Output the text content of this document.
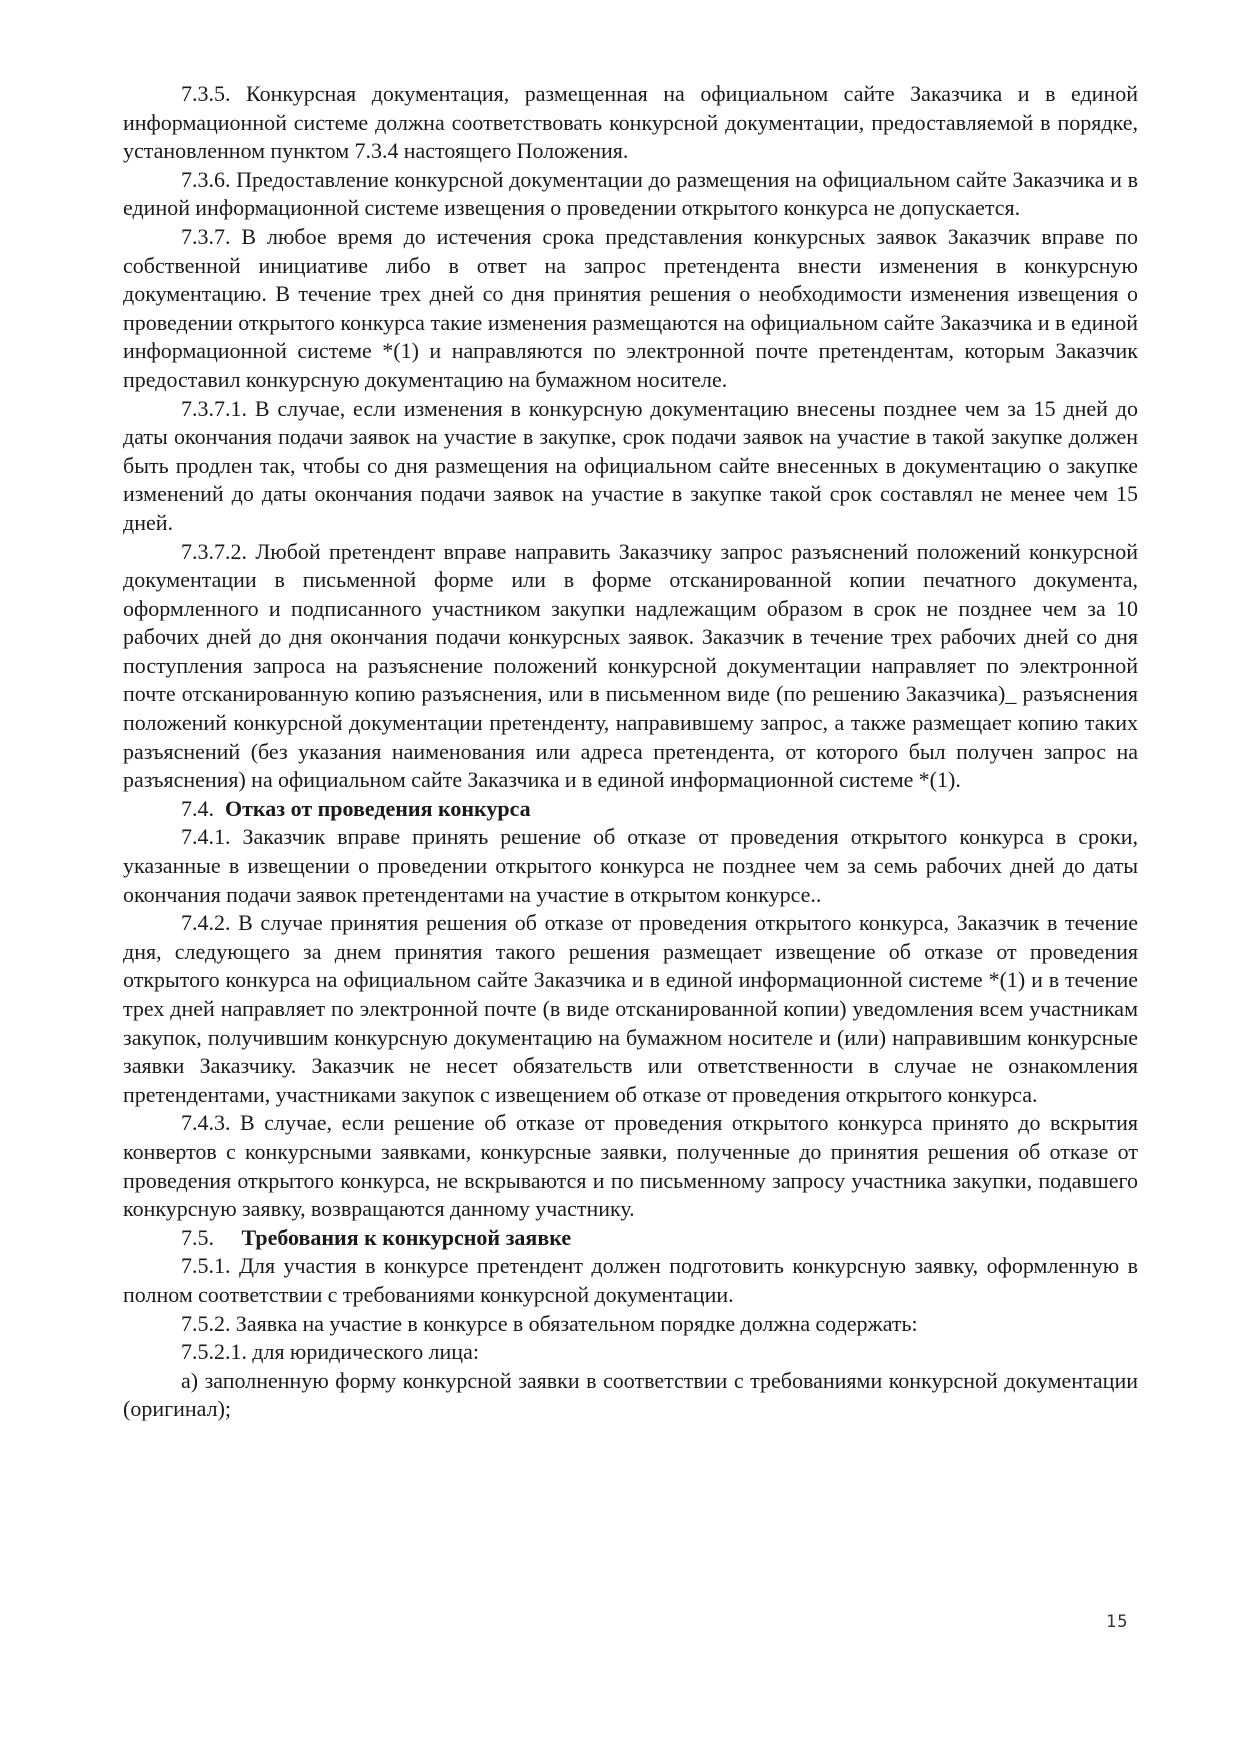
7.3.5. Конкурсная документация, размещенная на официальном сайте Заказчика и в единой информационной системе должна соответствовать конкурсной документации, предоставляемой в порядке, установленном пунктом 7.3.4 настоящего Положения.

7.3.6. Предоставление конкурсной документации до размещения на официальном сайте Заказчика и в единой информационной системе извещения о проведении открытого конкурса не допускается.

7.3.7. В любое время до истечения срока представления конкурсных заявок Заказчик вправе по собственной инициативе либо в ответ на запрос претендента внести изменения в конкурсную документацию. В течение трех дней со дня принятия решения о необходимости изменения извещения о проведении открытого конкурса такие изменения размещаются на официальном сайте Заказчика и в единой информационной системе *(1) и направляются по электронной почте претендентам, которым Заказчик предоставил конкурсную документацию на бумажном носителе.

7.3.7.1. В случае, если изменения в конкурсную документацию внесены позднее чем за 15 дней до даты окончания подачи заявок на участие в закупке, срок подачи заявок на участие в такой закупке должен быть продлен так, чтобы со дня размещения на официальном сайте внесенных в документацию о закупке изменений до даты окончания подачи заявок на участие в закупке такой срок составлял не менее чем 15 дней.

7.3.7.2. Любой претендент вправе направить Заказчику запрос разъяснений положений конкурсной документации в письменной форме или в форме отсканированной копии печатного документа, оформленного и подписанного участником закупки надлежащим образом в срок не позднее чем за 10 рабочих дней до дня окончания подачи конкурсных заявок. Заказчик в течение трех рабочих дней со дня поступления запроса на разъяснение положений конкурсной документации направляет по электронной почте отсканированную копию разъяснения, или в письменном виде (по решению Заказчика)_ разъяснения положений конкурсной документации претенденту, направившему запрос, а также размещает копию таких разъяснений (без указания наименования или адреса претендента, от которого был получен запрос на разъяснения) на официальном сайте Заказчика и в единой информационной системе *(1).

7.4. Отказ от проведения конкурса

7.4.1. Заказчик вправе принять решение об отказе от проведения открытого конкурса в сроки, указанные в извещении о проведении открытого конкурса не позднее чем за семь рабочих дней до даты окончания подачи заявок претендентами на участие в открытом конкурсе..

7.4.2. В случае принятия решения об отказе от проведения открытого конкурса, Заказчик в течение дня, следующего за днем принятия такого решения размещает извещение об отказе от проведения открытого конкурса на официальном сайте Заказчика и в единой информационной системе *(1) и в течение трех дней направляет по электронной почте (в виде отсканированной копии) уведомления всем участникам закупок, получившим конкурсную документацию на бумажном носителе и (или) направившим конкурсные заявки Заказчику. Заказчик не несет обязательств или ответственности в случае не ознакомления претендентами, участниками закупок с извещением об отказе от проведения открытого конкурса.

7.4.3. В случае, если решение об отказе от проведения открытого конкурса принято до вскрытия конвертов с конкурсными заявками, конкурсные заявки, полученные до принятия решения об отказе от проведения открытого конкурса, не вскрываются и по письменному запросу участника закупки, подавшего конкурсную заявку, возвращаются данному участнику.

7.5. Требования к конкурсной заявке

7.5.1. Для участия в конкурсе претендент должен подготовить конкурсную заявку, оформленную в полном соответствии с требованиями конкурсной документации.

7.5.2. Заявка на участие в конкурсе в обязательном порядке должна содержать:

7.5.2.1. для юридического лица:

а) заполненную форму конкурсной заявки в соответствии с требованиями конкурсной документации (оригинал);

15
